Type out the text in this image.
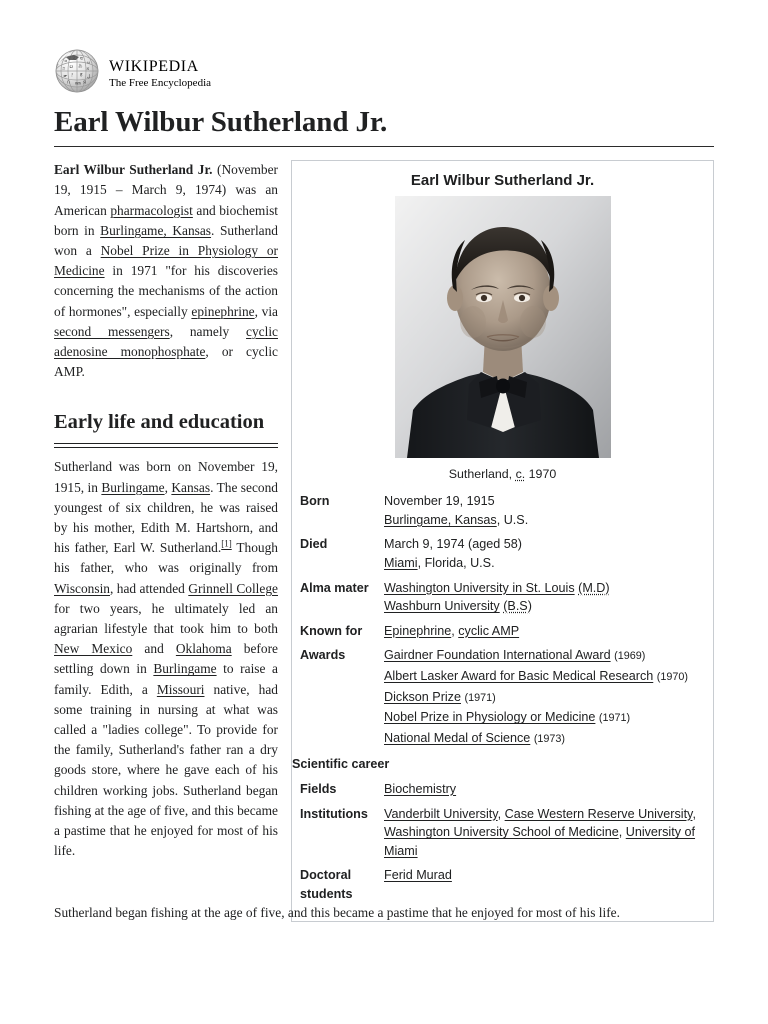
и	य
ω
ת Ω あ א
ᓂ ᚠ ह ل
ก ꦏ Я
wikipedia
The Free Encyclopedia
Earl Wilbur Sutherland Jr.

Earl Wilbur Sutherland Jr. (November 19, 1915 – March 9, 1974) was an American pharmacologist and biochemist born in Burlingame, Kansas. Sutherland won a Nobel Prize in Physiology or Medicine in 1971 "for his discoveries concerning the mechanisms of the action of hormones", especially epinephrine, via second messengers, namely cyclic adenosine monophosphate, or cyclic AMP.

Early life and education

Sutherland was born on November 19, 1915, in Burlingame, Kansas. The second youngest of six children, he was raised by his mother, Edith M. Hartshorn, and his father, Earl W. Sutherland.[1] Though his father, who was originally from Wisconsin, had attended Grinnell College for two years, he ultimately led an agrarian lifestyle that took him to both New Mexico and Oklahoma before settling down in Burlingame to raise a family. Edith, a Missouri native, had some training in nursing at what was called a "ladies college". To provide for the family, Sutherland's father ran a dry goods store, where he gave each of his children working jobs. Sutherland began fishing at the age of five, and this became a pastime that he enjoyed for most of his life.

Earl Wilbur Sutherland Jr.
Sutherland, c. 1970
Born	November 19, 1915
Burlingame, Kansas, U.S.

Died	March 9, 1974 (aged 58)
Miami, Florida, U.S.

Alma mater	Washington University in St. Louis (M.D)
Washburn University (B.S)

Known for	Epinephrine, cyclic AMP

Awards	Gairdner Foundation International Award (1969)
Albert Lasker Award for Basic Medical Research (1970)
Dickson Prize (1971)
Nobel Prize in Physiology or Medicine (1971)
National Medal of Science (1973)

Scientific career	
Fields	Biochemistry
Institutions	Vanderbilt University, Case Western Reserve University, Washington University School of Medicine, University of Miami
Doctoral students	Ferid Murad
Sutherland began fishing at the age of five, and this became a pastime that he enjoyed for most of his life.
